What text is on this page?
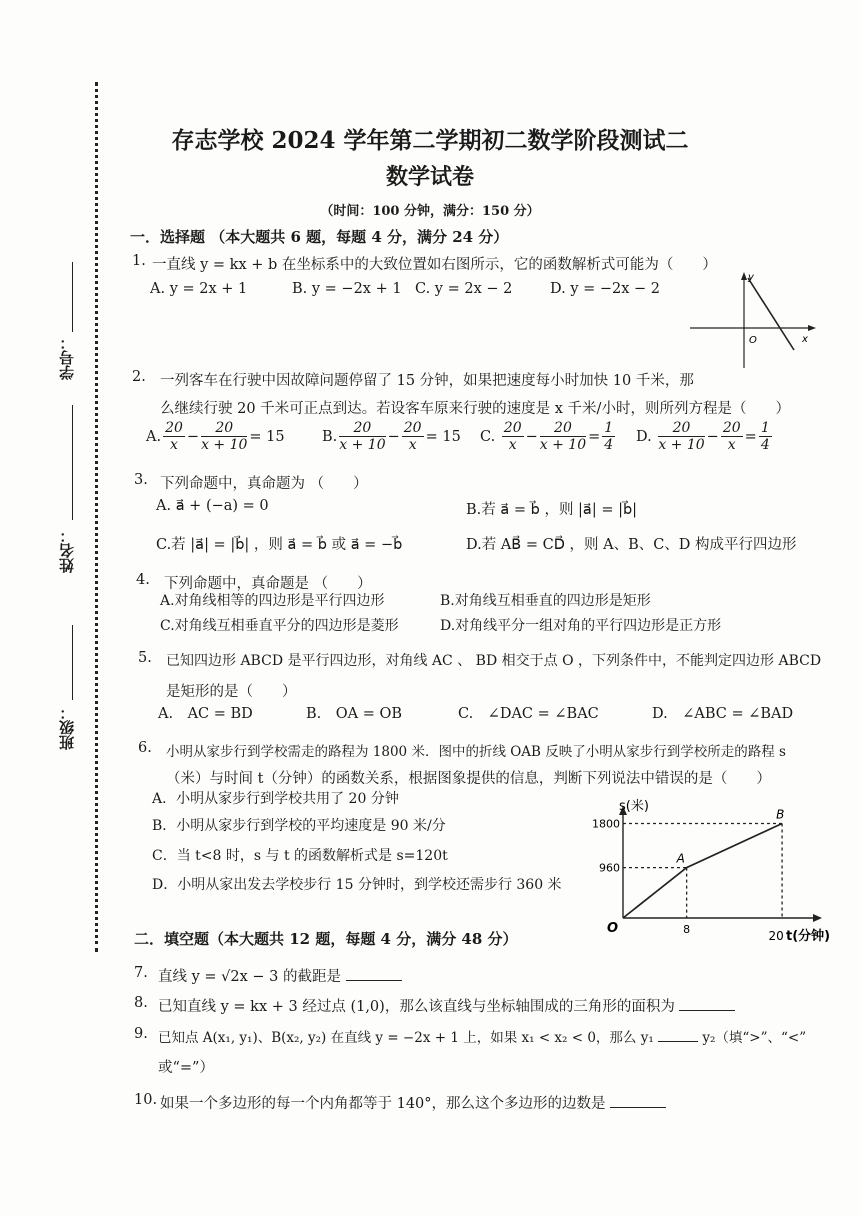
学号：
姓名：
班级：
存志学校 2024 学年第二学期初二数学阶段测试二
数学试卷
（时间：100 分钟，满分：150 分）
一．选择题 （本大题共 6 题，每题 4 分，满分 24 分）
1. 一直线 y = kx + b 在坐标系中的大致位置如右图所示，它的函数解析式可能为（　　）
A. y = 2x + 1	B. y = −2x + 1 C. y = 2x − 2	D. y = −2x − 2
y
x
O
2. 一列客车在行驶中因故障问题停留了 15 分钟，如果把速度每小时加快 10 千米，那
么继续行驶 20 千米可正点到达。若设客车原来行驶的速度是 x 千米/小时，则所列方程是（　　）
A. $\frac{20}{x} - \frac{20}{x + 10} = 15$	B. $\frac{20}{x + 10} - \frac{20}{x} = 15$ C.
$\frac{20}{x} - \frac{20}{x + 10} = \frac{1}{4} D$.
$\frac{20}{x + 10} - \frac{20}{x} = \frac{1}{4}$
3. 下列命题中，真命题为 （　　）
A. a⃗ + (−a) = 0	B.若 a⃗ = b⃗ ，则 |a⃗| = |b⃗|
C.若 |a⃗| = |b⃗| ，则 a⃗ = b⃗ 或 a⃗ = −b⃗	D.若 AB⃗ = CD⃗ ，则 A、B、C、D 构成平行四边形
4. 下列命题中，真命题是 （　　）
A.对角线相等的四边形是平行四边形	B.对角线互相垂直的四边形是矩形
C.对角线互相垂直平分的四边形是菱形	D.对角线平分一组对角的平行四边形是正方形
5. 已知四边形 ABCD 是平行四边形，对角线 AC 、 BD 相交于点 O ，下列条件中，不能判定四边形 ABCD
是矩形的是（　　）
A.　AC = BD	B.　OA = OB	C.　∠DAC = ∠BAC	D.　∠ABC = ∠BAD
6. 小明从家步行到学校需走的路程为 1800 米．图中的折线 OAB 反映了小明从家步行到学校所走的路程 s
（米）与时间 t（分钟）的函数关系，根据图象提供的信息，判断下列说法中错误的是（　　）
A．小明从家步行到学校共用了 20 分钟
B．小明从家步行到学校的平均速度是 90 米/分
C．当 t<8 时，s 与 t 的函数解析式是 s=120t
D．小明从家出发去学校步行 15 分钟时，到学校还需步行 360 米
s(米)
t(分钟)
O
A
B
1800
960
8	20
二．填空题（本大题共 12 题，每题 4 分，满分 48 分）
7. 直线 y = √2x − 3 的截距是
8. 已知直线 y = kx + 3 经过点 (1,0)，那么该直线与坐标轴围成的三角形的面积为
9. 已知点 A(x₁, y₁)、B(x₂, y₂) 在直线 y = −2x + 1 上，如果 x₁ < x₂ < 0，那么 y₁	y₂（填“>”、“<”
或“=”）
10. 如果一个多边形的每一个内角都等于 140°，那么这个多边形的边数是
